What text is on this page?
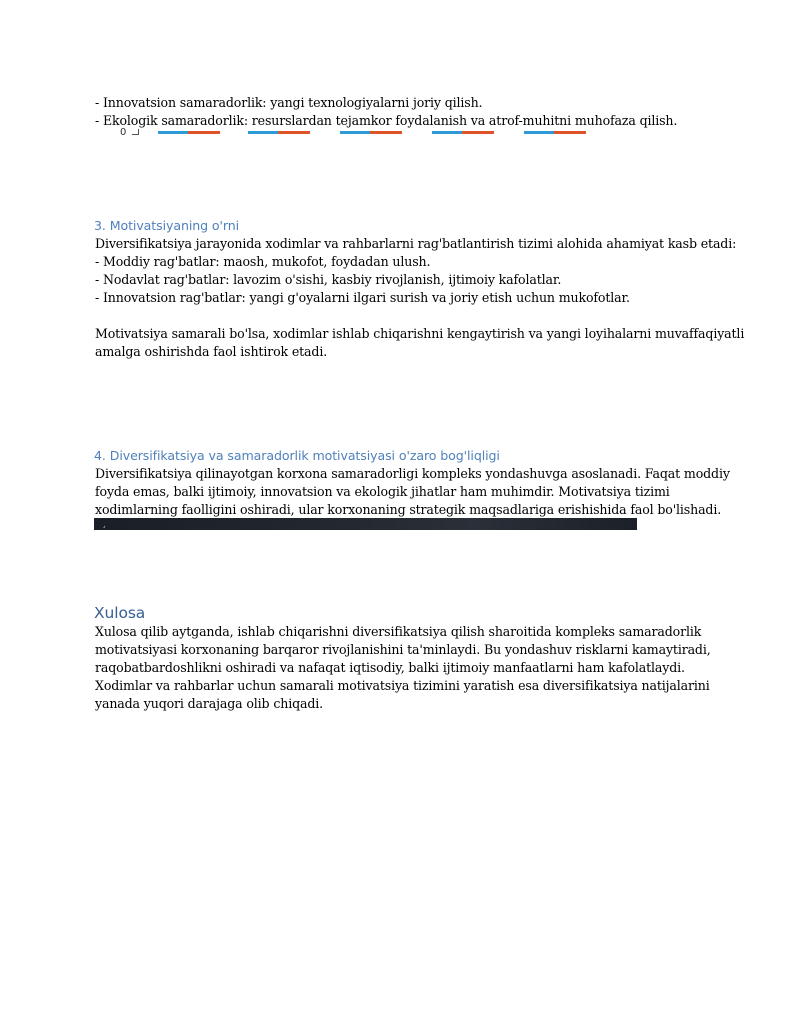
- Innovatsion samaradorlik: yangi texnologiyalarni joriy qilish.
- Ekologik samaradorlik: resurslardan tejamkor foydalanish va atrof-muhitni muhofaza qilish.
0
3. Motivatsiyaning o'rni
Diversifikatsiya jarayonida xodimlar va rahbarlarni rag'batlantirish tizimi alohida ahamiyat kasb etadi:
- Moddiy rag'batlar: maosh, mukofot, foydadan ulush.
- Nodavlat rag'batlar: lavozim o'sishi, kasbiy rivojlanish, ijtimoiy kafolatlar.
- Innovatsion rag'batlar: yangi g'oyalarni ilgari surish va joriy etish uchun mukofotlar.
Motivatsiya samarali bo'lsa, xodimlar ishlab chiqarishni kengaytirish va yangi loyihalarni muvaffaqiyatli
amalga oshirishda faol ishtirok etadi.
4. Diversifikatsiya va samaradorlik motivatsiyasi o'zaro bog'liqligi
Diversifikatsiya qilinayotgan korxona samaradorligi kompleks yondashuvga asoslanadi. Faqat moddiy
foyda emas, balki ijtimoiy, innovatsion va ekologik jihatlar ham muhimdir. Motivatsiya tizimi
xodimlarning faolligini oshiradi, ular korxonaning strategik maqsadlariga erishishida faol bo'lishadi.
¸
Xulosa
Xulosa qilib aytganda, ishlab chiqarishni diversifikatsiya qilish sharoitida kompleks samaradorlik
motivatsiyasi korxonaning barqaror rivojlanishini ta'minlaydi. Bu yondashuv risklarni kamaytiradi,
raqobatbardoshlikni oshiradi va nafaqat iqtisodiy, balki ijtimoiy manfaatlarni ham kafolatlaydi.
Xodimlar va rahbarlar uchun samarali motivatsiya tizimini yaratish esa diversifikatsiya natijalarini
yanada yuqori darajaga olib chiqadi.
